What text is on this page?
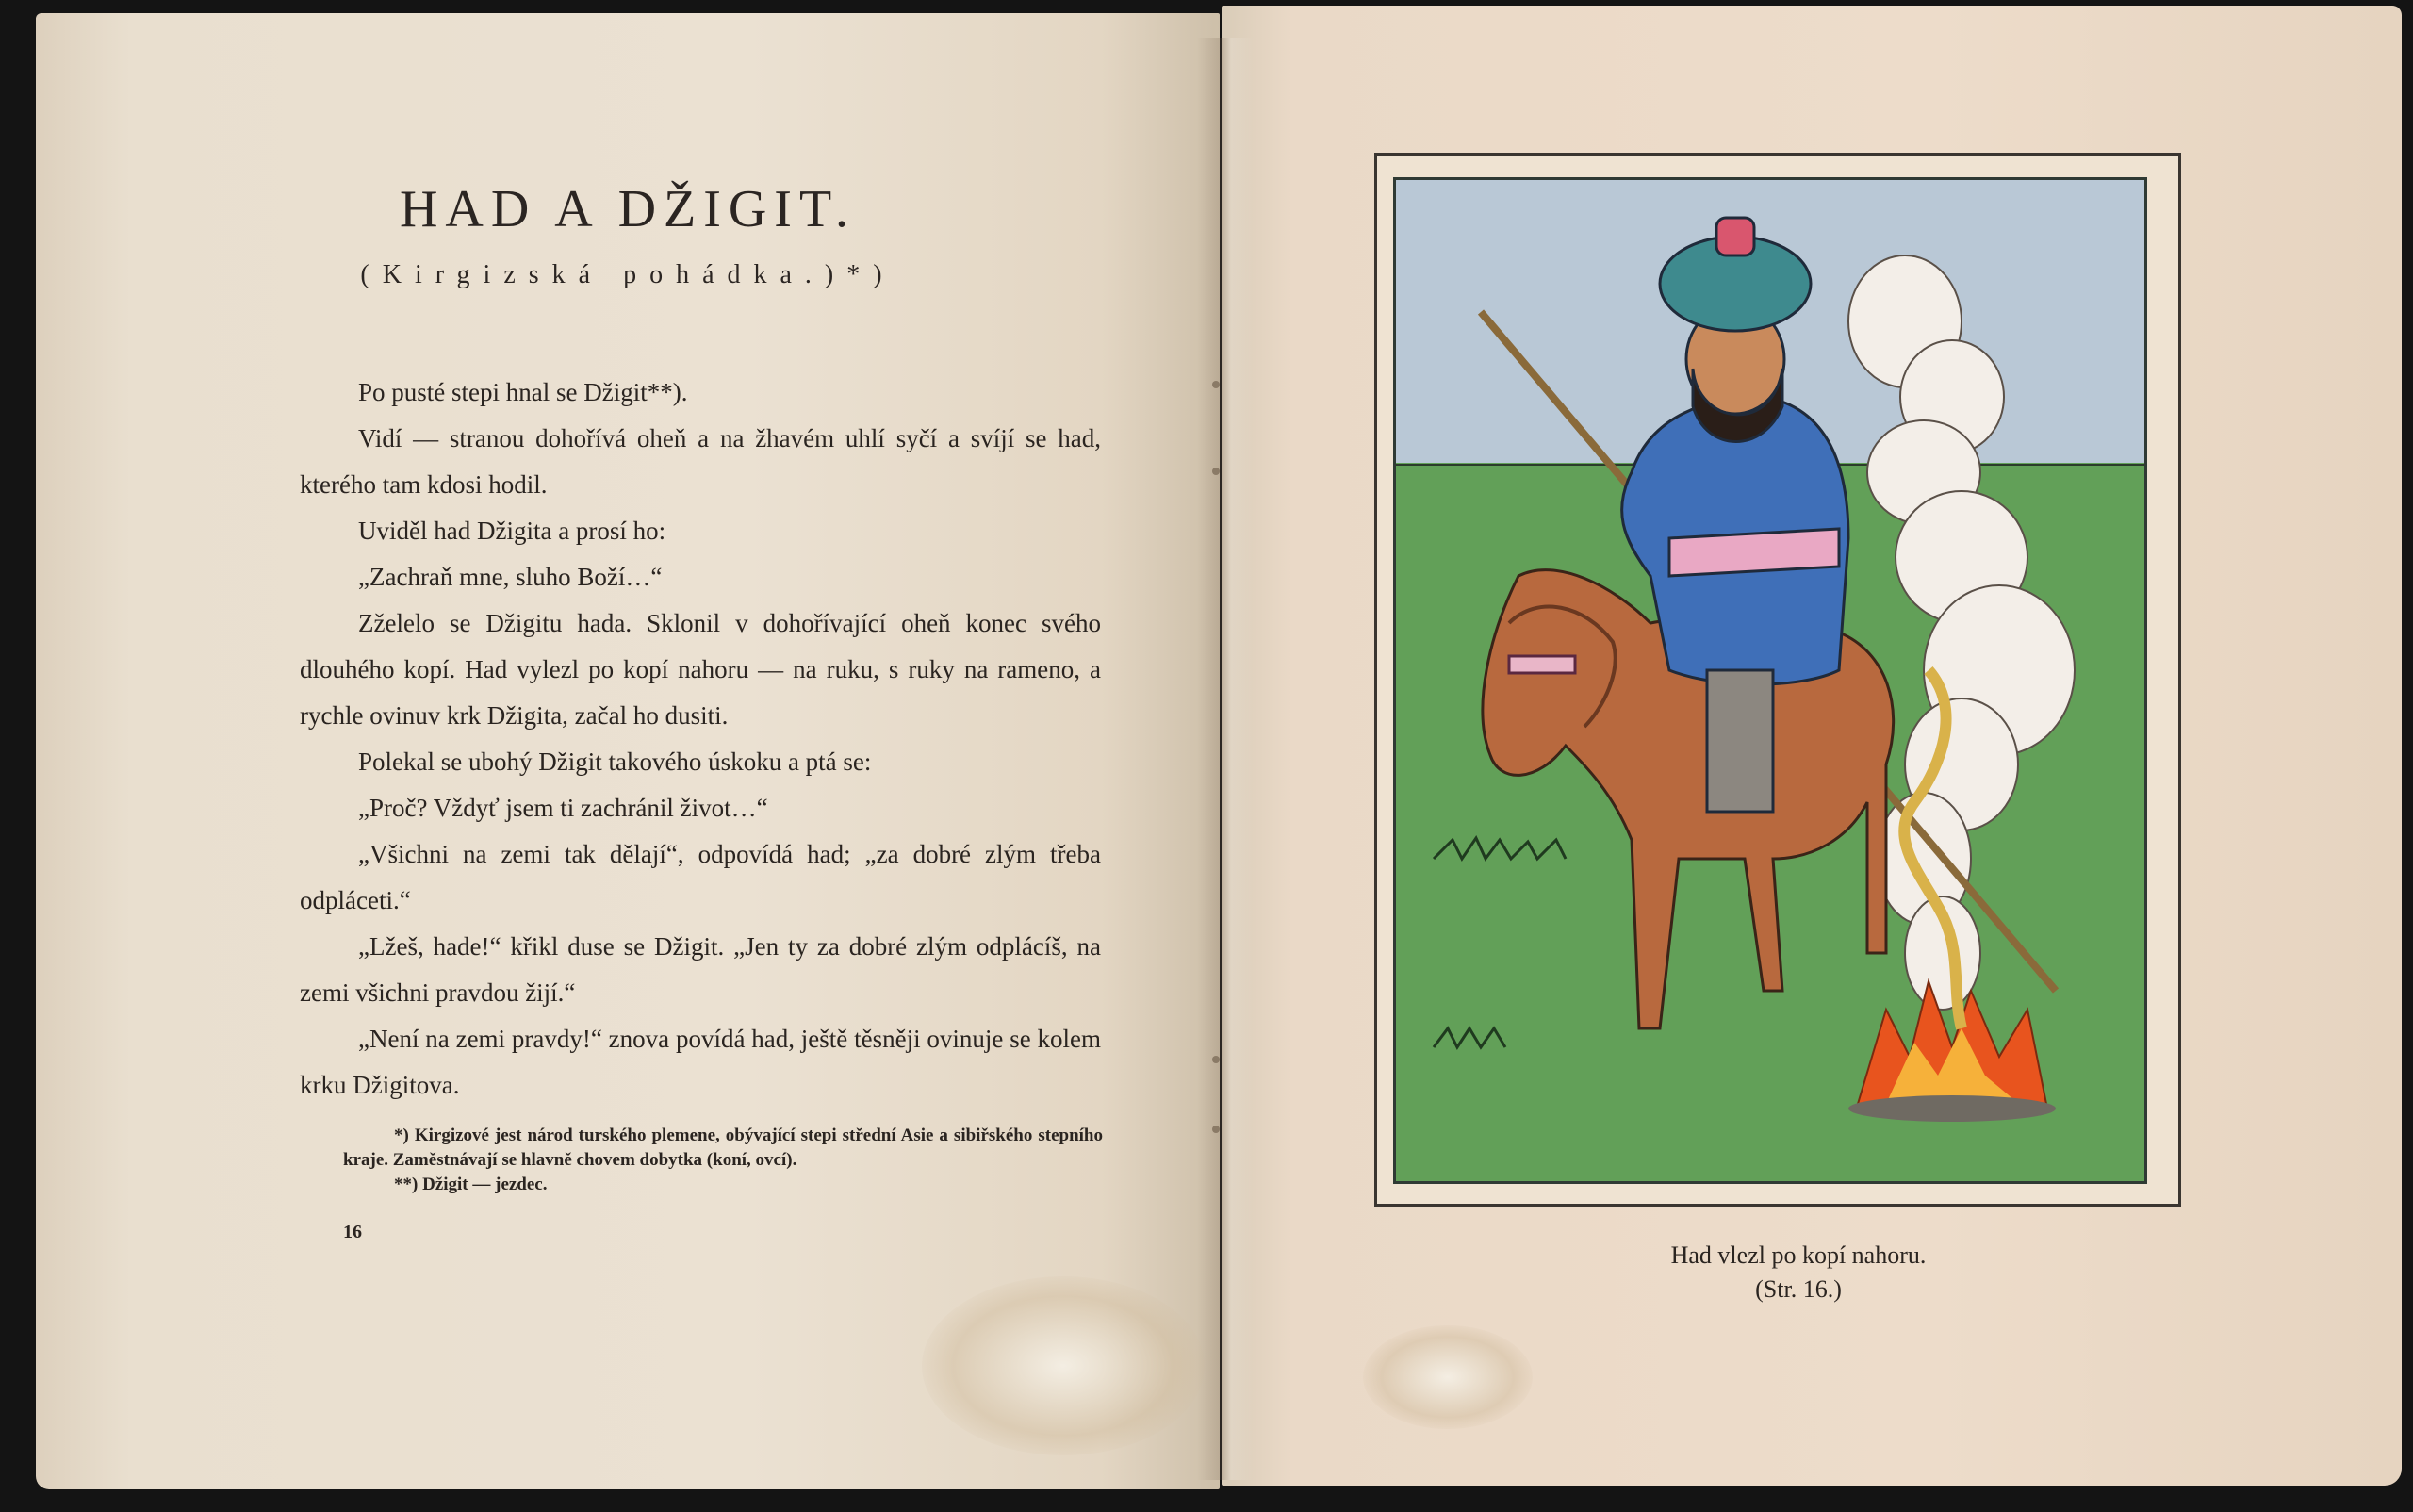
HAD A DŽIGIT.
(Kirgizská pohádka.)*)

Po pusté stepi hnal se Džigit**).

Vidí — stranou dohořívá oheň a na žhavém uhlí syčí a svíjí se had, kterého tam kdosi hodil.

Uviděl had Džigita a prosí ho:

„Zachraň mne, sluho Boží…“

Zželelo se Džigitu hada. Sklonil v dohořívající oheň konec svého dlouhého kopí. Had vylezl po kopí nahoru — na ruku, s ruky na rameno, a rychle ovinuv krk Džigita, začal ho dusiti.

Polekal se ubohý Džigit takového úskoku a ptá se:

„Proč? Vždyť jsem ti zachránil život…“

„Všichni na zemi tak dělají“, odpovídá had; „za dobré zlým třeba odpláceti.“

„Lžeš, hade!“ křikl duse se Džigit. „Jen ty za dobré zlým odplácíš, na zemi všichni pravdou žijí.“

„Není na zemi pravdy!“ znova povídá had, ještě těsněji ovinuje se kolem krku Džigitova.

*) Kirgizové jest národ turského plemene, obývající stepi střední Asie a sibiřského stepního kraje. Zaměstnávají se hlavně chovem dobytka (koní, ovcí).

**) Džigit — jezdec.

16
Had vlezl po kopí nahoru.
(Str. 16.)
